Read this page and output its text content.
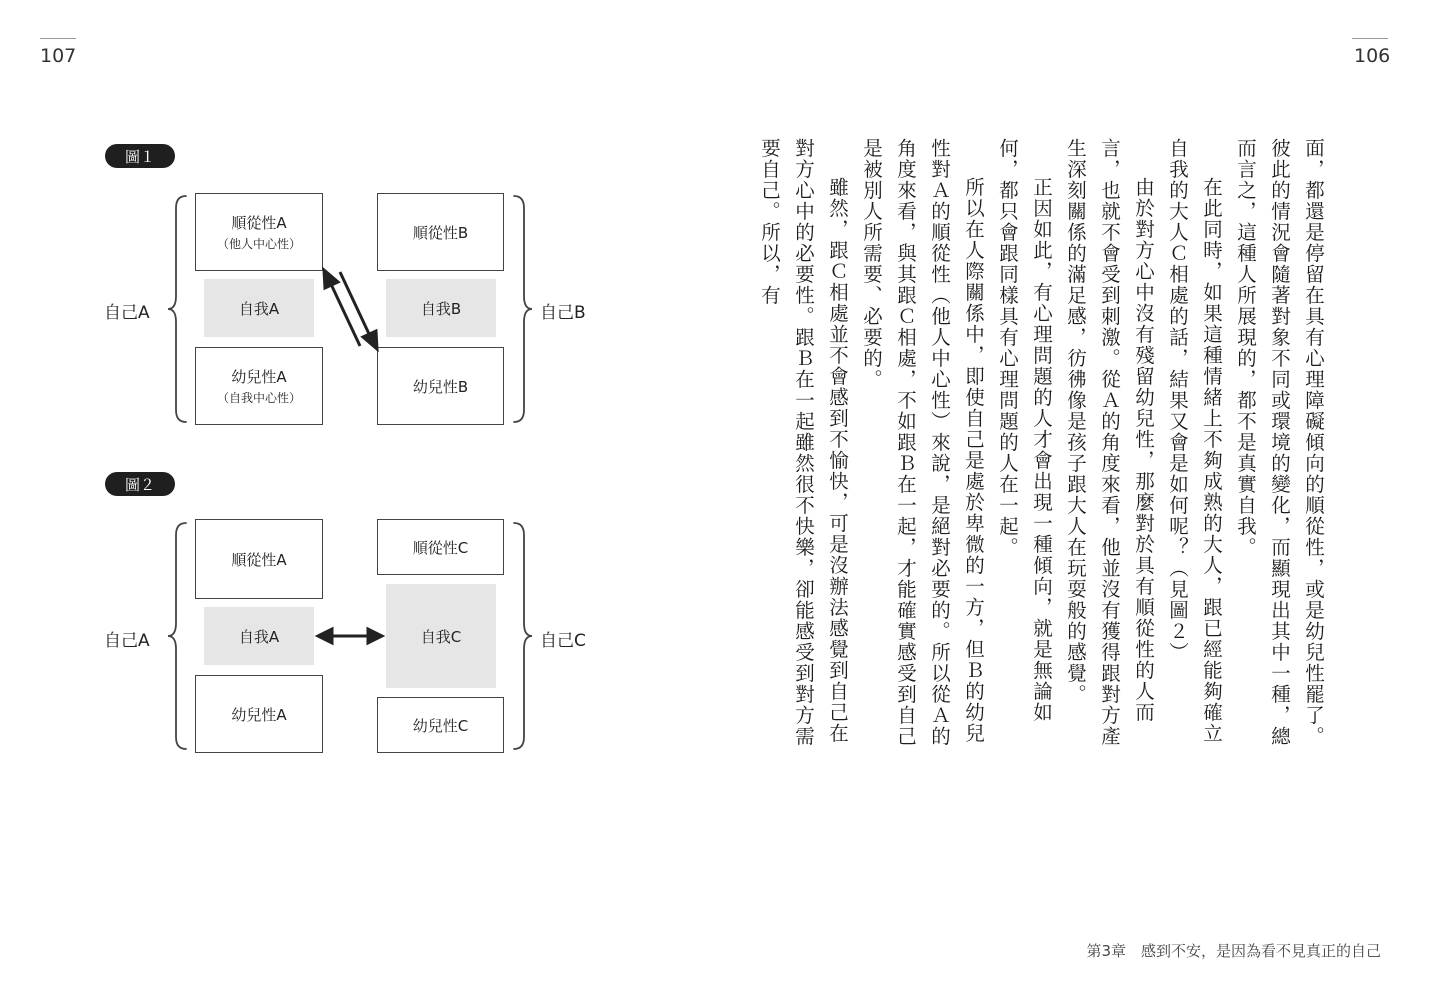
107	106
圖１
自己A	自己B
順從性A
（他人中心性）
自我A
幼兒性A
（自我中心性）
順從性B
自我B
幼兒性B
圖２
自己A	自己C
順從性A
自我A
幼兒性A
順從性C
自我C
幼兒性C	面，都還是停留在具有心理障礙傾向的順從性，或是幼兒性罷了。彼此的情況會隨著對象不同或環境的變化，而顯現出其中一種，總而言之，這種人所展現的，都不是真實自我。

在此同時，如果這種情緒上不夠成熟的大人，跟已經能夠確立自我的大人Ｃ相處的話，結果又會是如何呢？（見圖２）

由於對方心中沒有殘留幼兒性，那麼對於具有順從性的人而言，也就不會受到刺激。從Ａ的角度來看，他並沒有獲得跟對方產生深刻關係的滿足感，彷彿像是孩子跟大人在玩耍般的感覺。

正因如此，有心理問題的人才會出現一種傾向，就是無論如何，都只會跟同樣具有心理問題的人在一起。

所以在人際關係中，即使自己是處於卑微的一方，但Ｂ的幼兒性對Ａ的順從性（他人中心性）來說，是絕對必要的。所以從Ａ的角度來看，與其跟Ｃ相處，不如跟Ｂ在一起，才能確實感受到自己是被別人所需要、必要的。

雖然，跟Ｃ相處並不會感到不愉快，可是沒辦法感覺到自己在對方心中的必要性。跟Ｂ在一起雖然很不快樂，卻能感受到對方需要自己。所以，有

第3章　感到不安，是因為看不見真正的自己
